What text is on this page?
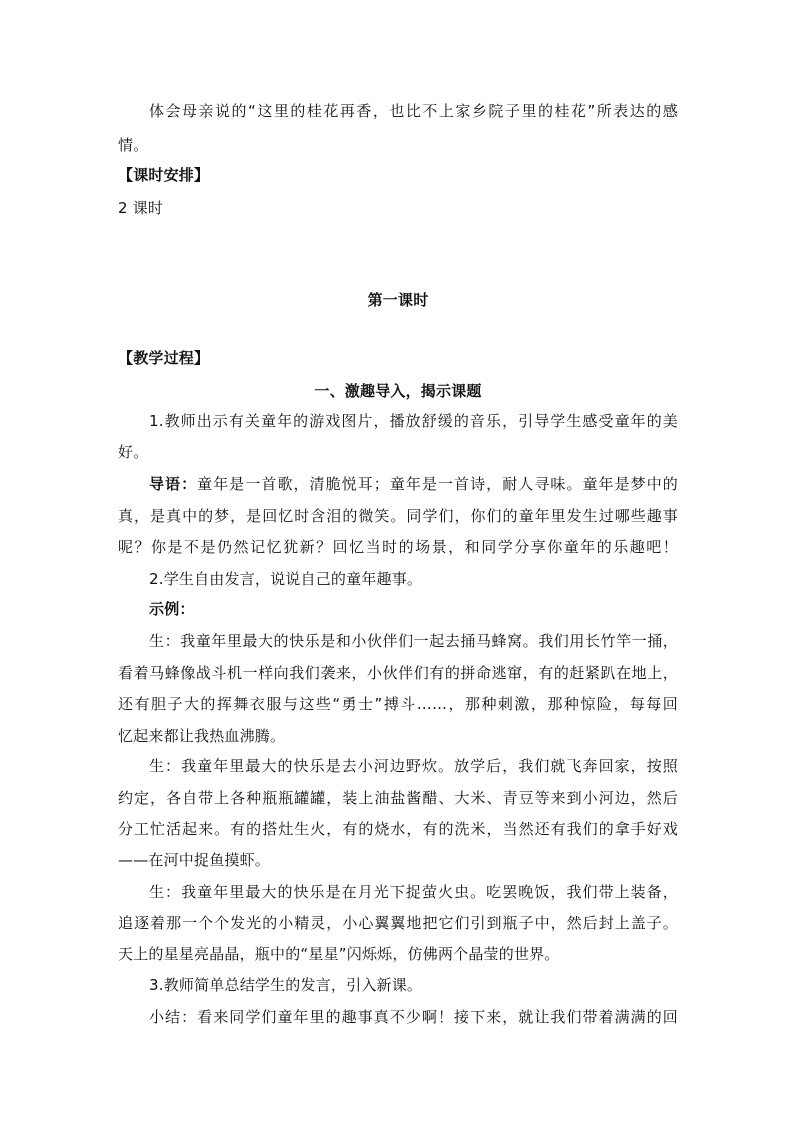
体会母亲说的“这里的桂花再香，也比不上家乡院子里的桂花”所表达的感
情。
【课时安排】
2 课时
第一课时
【教学过程】
一、激趣导入，揭示课题
1.教师出示有关童年的游戏图片，播放舒缓的音乐，引导学生感受童年的美
好。
导语：童年是一首歌，清脆悦耳；童年是一首诗，耐人寻味。童年是梦中的
真，是真中的梦，是回忆时含泪的微笑。同学们，你们的童年里发生过哪些趣事
呢？你是不是仍然记忆犹新？回忆当时的场景，和同学分享你童年的乐趣吧！
2.学生自由发言，说说自己的童年趣事。
示例：
生：我童年里最大的快乐是和小伙伴们一起去捅马蜂窝。我们用长竹竿一捅，
看着马蜂像战斗机一样向我们袭来，小伙伴们有的拼命逃窜，有的赶紧趴在地上，
还有胆子大的挥舞衣服与这些“勇士”搏斗……，那种刺激，那种惊险，每每回
忆起来都让我热血沸腾。
生：我童年里最大的快乐是去小河边野炊。放学后，我们就飞奔回家，按照
约定，各自带上各种瓶瓶罐罐，装上油盐酱醋、大米、青豆等来到小河边，然后
分工忙活起来。有的搭灶生火，有的烧水，有的洗米，当然还有我们的拿手好戏
——在河中捉鱼摸虾。
生：我童年里最大的快乐是在月光下捉萤火虫。吃罢晚饭，我们带上装备，
追逐着那一个个发光的小精灵，小心翼翼地把它们引到瓶子中，然后封上盖子。
天上的星星亮晶晶，瓶中的“星星”闪烁烁，仿佛两个晶莹的世界。
3.教师简单总结学生的发言，引入新课。
小结：看来同学们童年里的趣事真不少啊！接下来，就让我们带着满满的回
